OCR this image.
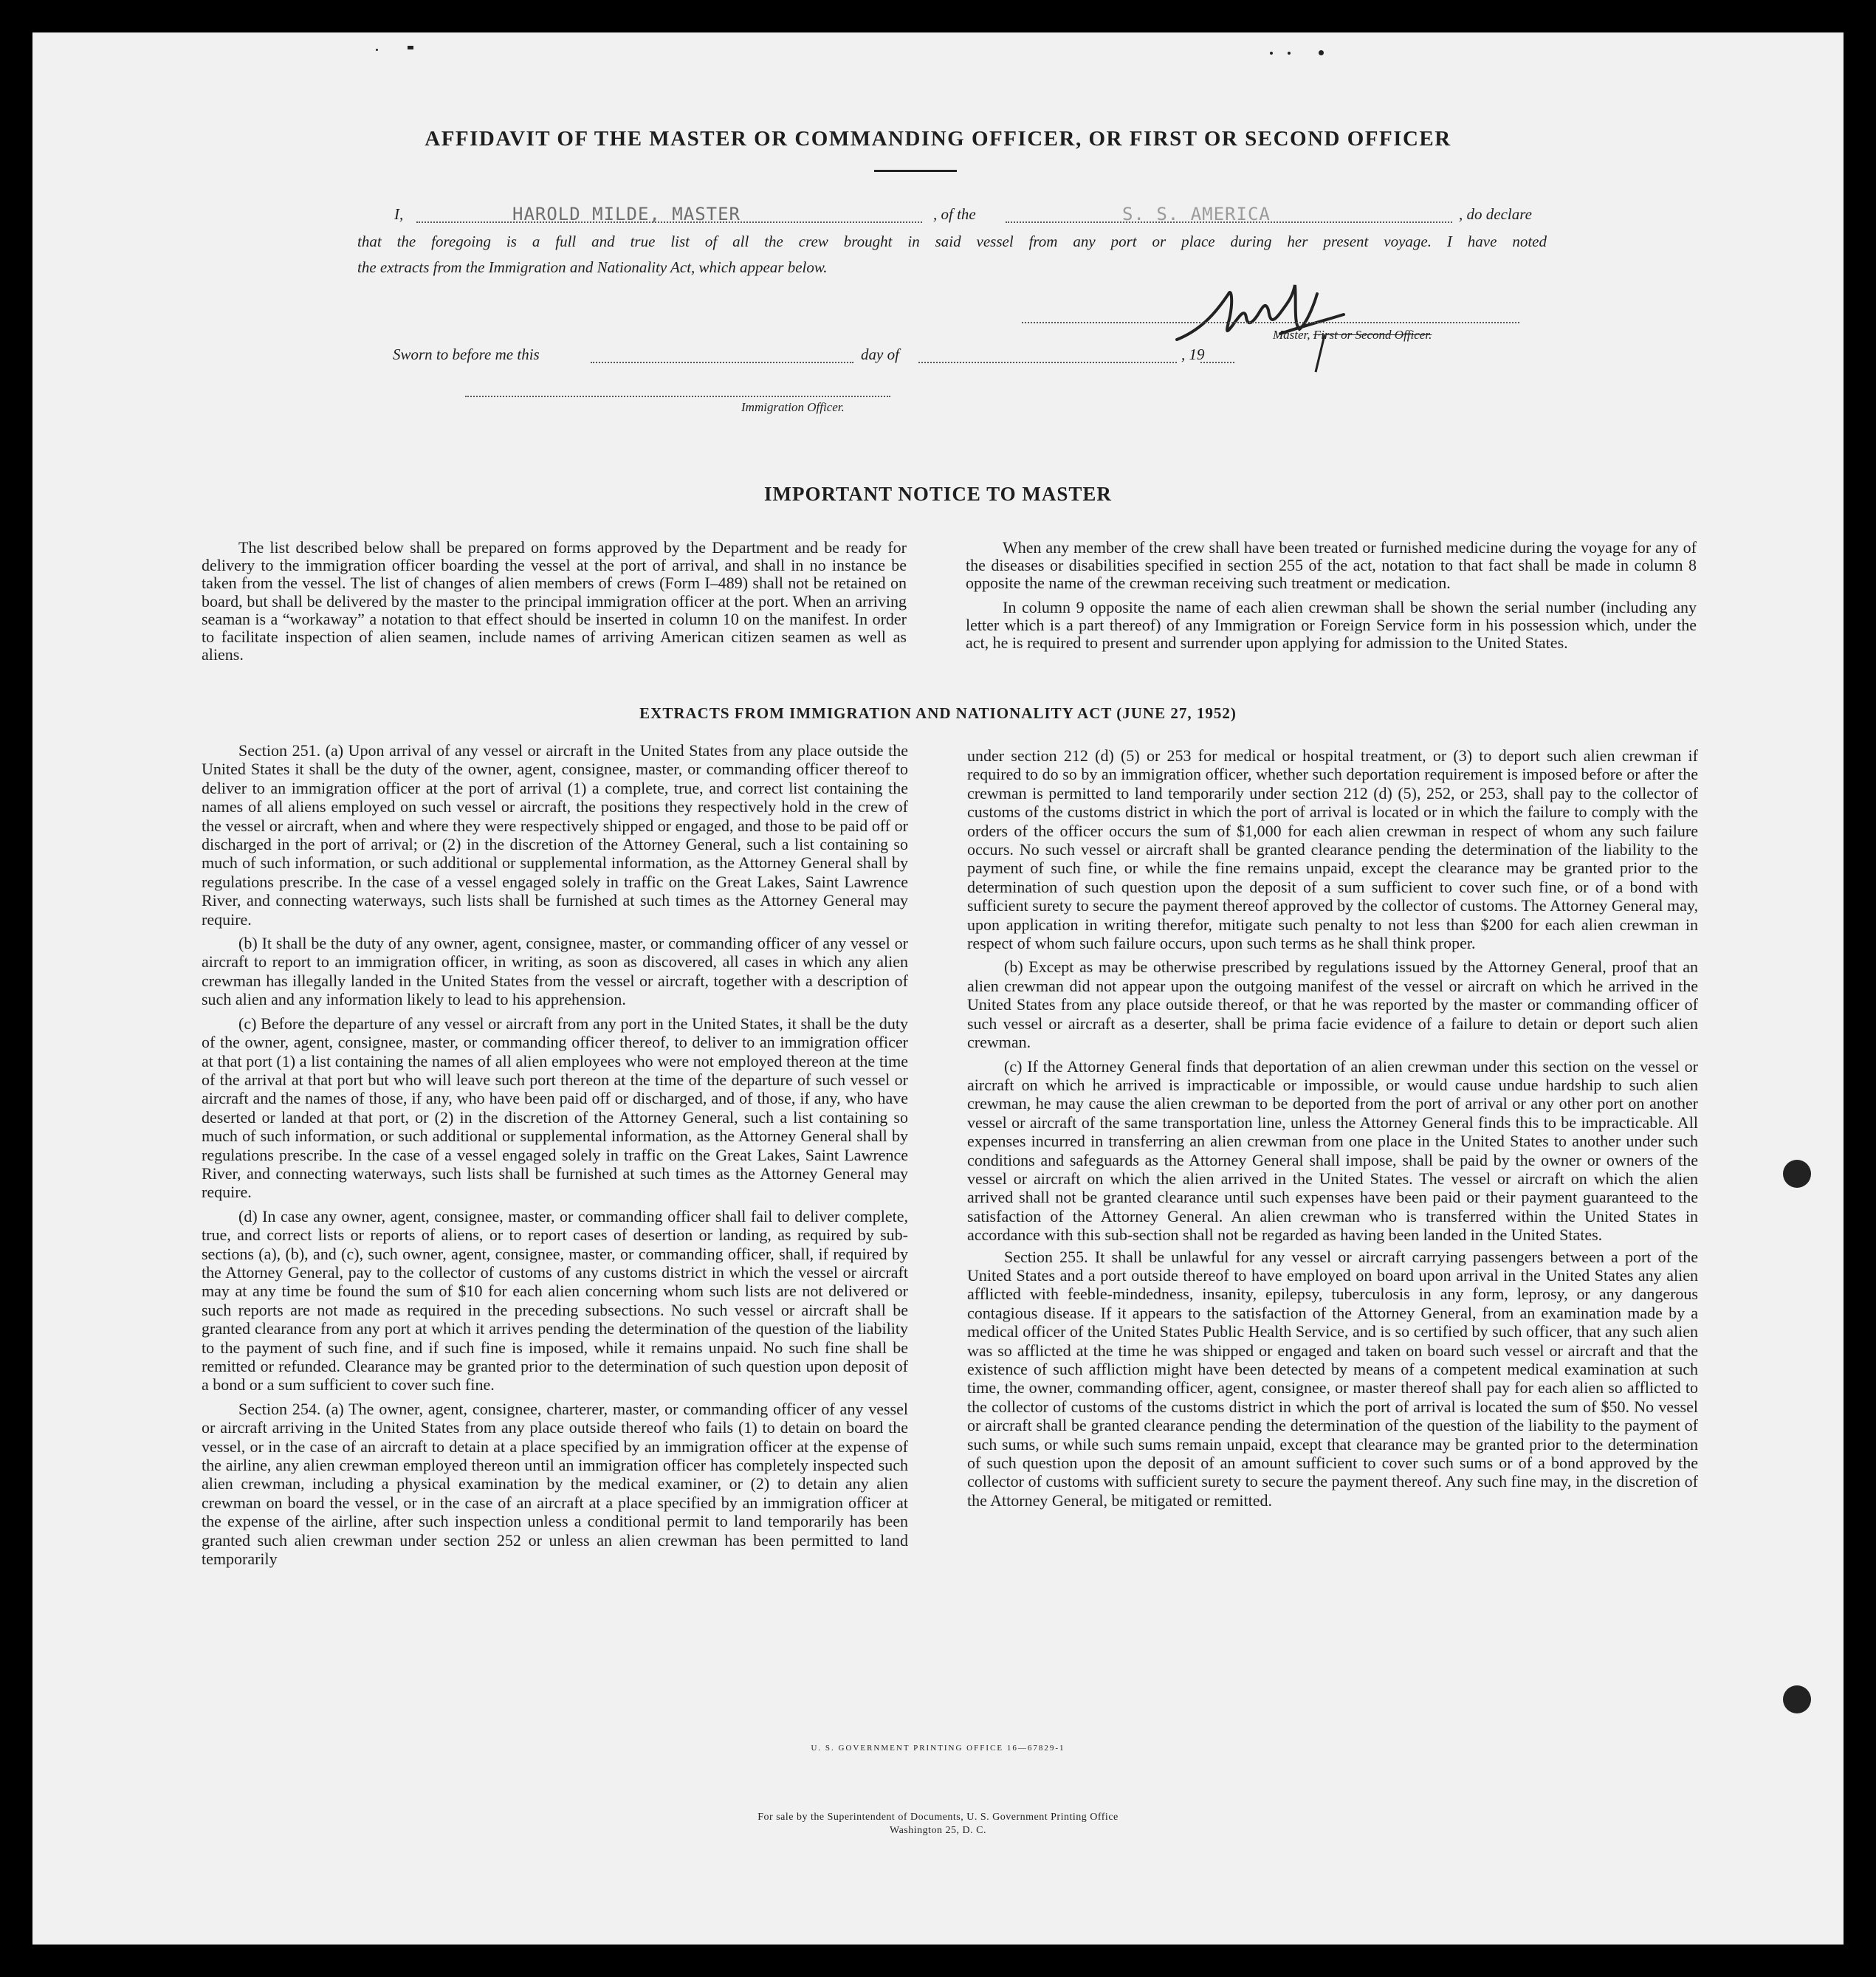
AFFIDAVIT OF THE MASTER OR COMMANDING OFFICER, OR FIRST OR SECOND OFFICER
I,	HAROLD MILDE, MASTER	, of the	S. S. AMERICA	, do declare
that the foregoing is a full and true list of all the crew brought in said vessel from any port or place during her present voyage. I have noted
the extracts from the Immigration and Nationality Act, which appear below.
Master, First or Second Officer.
Sworn to before me this	day of	, 19
Immigration Officer.
IMPORTANT NOTICE TO MASTER

The list described below shall be prepared on forms approved by the Department and be ready for delivery to the immigration officer boarding the vessel at the port of arrival, and shall in no instance be taken from the vessel. The list of changes of alien members of crews (Form I–489) shall not be retained on board, but shall be delivered by the master to the principal immigration officer at the port. When an arriving seaman is a “workaway” a notation to that effect should be inserted in column 10 on the manifest. In order to facilitate inspection of alien seamen, include names of arriving American citizen seamen as well as aliens.

When any member of the crew shall have been treated or furnished medicine during the voyage for any of the diseases or disabilities specified in section 255 of the act, notation to that fact shall be made in column 8 opposite the name of the crewman receiving such treatment or medication.

In column 9 opposite the name of each alien crewman shall be shown the serial number (including any letter which is a part thereof) of any Immigration or Foreign Service form in his possession which, under the act, he is required to present and surrender upon applying for admission to the United States.

EXTRACTS FROM IMMIGRATION AND NATIONALITY ACT (JUNE 27, 1952)

Section 251. (a) Upon arrival of any vessel or aircraft in the United States from any place outside the United States it shall be the duty of the owner, agent, consignee, master, or commanding officer thereof to deliver to an immigration officer at the port of arrival (1) a complete, true, and correct list containing the names of all aliens employed on such vessel or aircraft, the positions they respectively hold in the crew of the vessel or aircraft, when and where they were respectively shipped or engaged, and those to be paid off or discharged in the port of arrival; or (2) in the discretion of the Attorney General, such a list containing so much of such information, or such additional or supplemental information, as the Attorney General shall by regulations prescribe. In the case of a vessel engaged solely in traffic on the Great Lakes, Saint Lawrence River, and connecting waterways, such lists shall be furnished at such times as the Attorney General may require.

(b) It shall be the duty of any owner, agent, consignee, master, or commanding officer of any vessel or aircraft to report to an immigration officer, in writing, as soon as discovered, all cases in which any alien crewman has illegally landed in the United States from the vessel or aircraft, together with a description of such alien and any information likely to lead to his apprehension.

(c) Before the departure of any vessel or aircraft from any port in the United States, it shall be the duty of the owner, agent, consignee, master, or commanding officer thereof, to deliver to an immigration officer at that port (1) a list containing the names of all alien employees who were not employed thereon at the time of the arrival at that port but who will leave such port thereon at the time of the departure of such vessel or aircraft and the names of those, if any, who have been paid off or discharged, and of those, if any, who have deserted or landed at that port, or (2) in the discretion of the Attorney General, such a list containing so much of such information, or such additional or supplemental information, as the Attorney General shall by regulations prescribe. In the case of a vessel engaged solely in traffic on the Great Lakes, Saint Lawrence River, and connecting waterways, such lists shall be furnished at such times as the Attorney General may require.

(d) In case any owner, agent, consignee, master, or commanding officer shall fail to deliver complete, true, and correct lists or reports of aliens, or to report cases of desertion or landing, as required by sub-sections (a), (b), and (c), such owner, agent, consignee, master, or commanding officer, shall, if required by the Attorney General, pay to the collector of customs of any customs district in which the vessel or aircraft may at any time be found the sum of $10 for each alien concerning whom such lists are not delivered or such reports are not made as required in the preceding subsections. No such vessel or aircraft shall be granted clearance from any port at which it arrives pending the determination of the question of the liability to the payment of such fine, and if such fine is imposed, while it remains unpaid. No such fine shall be remitted or refunded. Clearance may be granted prior to the determination of such question upon deposit of a bond or a sum sufficient to cover such fine.

Section 254. (a) The owner, agent, consignee, charterer, master, or commanding officer of any vessel or aircraft arriving in the United States from any place outside thereof who fails (1) to detain on board the vessel, or in the case of an aircraft to detain at a place specified by an immigration officer at the expense of the airline, any alien crewman employed thereon until an immigration officer has completely inspected such alien crewman, including a physical examination by the medical examiner, or (2) to detain any alien crewman on board the vessel, or in the case of an aircraft at a place specified by an immigration officer at the expense of the airline, after such inspection unless a conditional permit to land temporarily has been granted such alien crewman under section 252 or unless an alien crewman has been permitted to land temporarily

under section 212 (d) (5) or 253 for medical or hospital treatment, or (3) to deport such alien crewman if required to do so by an immigration officer, whether such deportation requirement is imposed before or after the crewman is permitted to land temporarily under section 212 (d) (5), 252, or 253, shall pay to the collector of customs of the customs district in which the port of arrival is located or in which the failure to comply with the orders of the officer occurs the sum of $1,000 for each alien crewman in respect of whom any such failure occurs. No such vessel or aircraft shall be granted clearance pending the determination of the liability to the payment of such fine, or while the fine remains unpaid, except the clearance may be granted prior to the determination of such question upon the deposit of a sum sufficient to cover such fine, or of a bond with sufficient surety to secure the payment thereof approved by the collector of customs. The Attorney General may, upon application in writing therefor, mitigate such penalty to not less than $200 for each alien crewman in respect of whom such failure occurs, upon such terms as he shall think proper.

(b) Except as may be otherwise prescribed by regulations issued by the Attorney General, proof that an alien crewman did not appear upon the outgoing manifest of the vessel or aircraft on which he arrived in the United States from any place outside thereof, or that he was reported by the master or commanding officer of such vessel or aircraft as a deserter, shall be prima facie evidence of a failure to detain or deport such alien crewman.

(c) If the Attorney General finds that deportation of an alien crewman under this section on the vessel or aircraft on which he arrived is impracticable or impossible, or would cause undue hardship to such alien crewman, he may cause the alien crewman to be deported from the port of arrival or any other port on another vessel or aircraft of the same transportation line, unless the Attorney General finds this to be impracticable. All expenses incurred in transferring an alien crewman from one place in the United States to another under such conditions and safeguards as the Attorney General shall impose, shall be paid by the owner or owners of the vessel or aircraft on which the alien arrived in the United States. The vessel or aircraft on which the alien arrived shall not be granted clearance until such expenses have been paid or their payment guaranteed to the satisfaction of the Attorney General. An alien crewman who is transferred within the United States in accordance with this sub-section shall not be regarded as having been landed in the United States.

Section 255. It shall be unlawful for any vessel or aircraft carrying passengers between a port of the United States and a port outside thereof to have employed on board upon arrival in the United States any alien afflicted with feeble-mindedness, insanity, epilepsy, tuberculosis in any form, leprosy, or any dangerous contagious disease. If it appears to the satisfaction of the Attorney General, from an examination made by a medical officer of the United States Public Health Service, and is so certified by such officer, that any such alien was so afflicted at the time he was shipped or engaged and taken on board such vessel or aircraft and that the existence of such affliction might have been detected by means of a competent medical examination at such time, the owner, commanding officer, agent, consignee, or master thereof shall pay for each alien so afflicted to the collector of customs of the customs district in which the port of arrival is located the sum of $50. No vessel or aircraft shall be granted clearance pending the determination of the question of the liability to the payment of such sums, or while such sums remain unpaid, except that clearance may be granted prior to the determination of such question upon the deposit of an amount sufficient to cover such sums or of a bond approved by the collector of customs with sufficient surety to secure the payment thereof. Any such fine may, in the discretion of the Attorney General, be mitigated or remitted.

U. S. GOVERNMENT PRINTING OFFICE 16—67829-1
For sale by the Superintendent of Documents, U. S. Government Printing Office
Washington 25, D. C.
